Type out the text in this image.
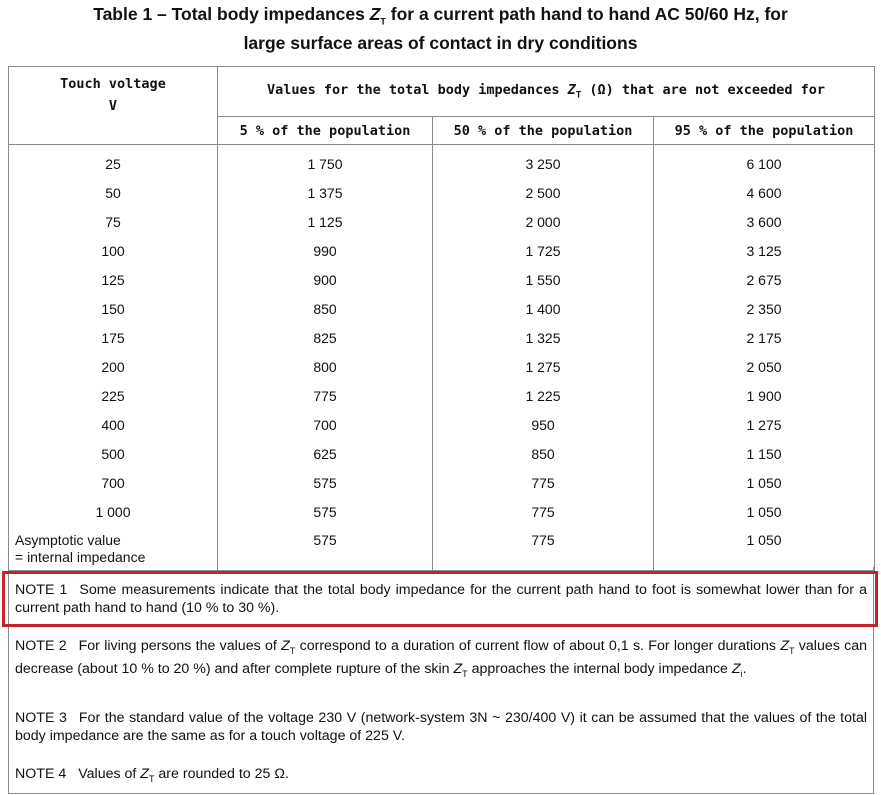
Table 1 – Total body impedances $Z_T$ for a current path hand to hand AC 50/60 Hz, for
large surface areas of contact in dry conditions
Touch voltage
V	Values for the total body impedances $Z_T$ (Ω) that are not exceeded for		
	5 % of the population	50 % of the population	95 % of the population
25	1 750	3 250	6 100
50	1 375	2 500	4 600
75	1 125	2 000	3 600
100	990	1 725	3 125
125	900	1 550	2 675
150	850	1 400	2 350
175	825	1 325	2 175
200	800	1 275	2 050
225	775	1 225	1 900
400	700	950	1 275
500	625	850	1 150
700	575	775	1 050
1 000	575	775	1 050

Asymptotic value
= internal impedance	575	775	1 050
NOTE 1 Some measurements indicate that the total body impedance for the current path hand to foot is somewhat lower than for a current path hand to hand (10 % to 30 %).
NOTE 2 For living persons the values of $Z_T$ correspond to a duration of current flow of about 0,1 s. For longer durations $Z_T$ values can decrease (about 10 % to 20 %) and after complete rupture of the skin $Z_T$ approaches the internal body impedance $Z_i$.
NOTE 3 For the standard value of the voltage 230 V (network-system 3N ~ 230/400 V) it can be assumed that the values of the total body impedance are the same as for a touch voltage of 225 V.
NOTE 4 Values of $Z_T$ are rounded to 25 Ω.
